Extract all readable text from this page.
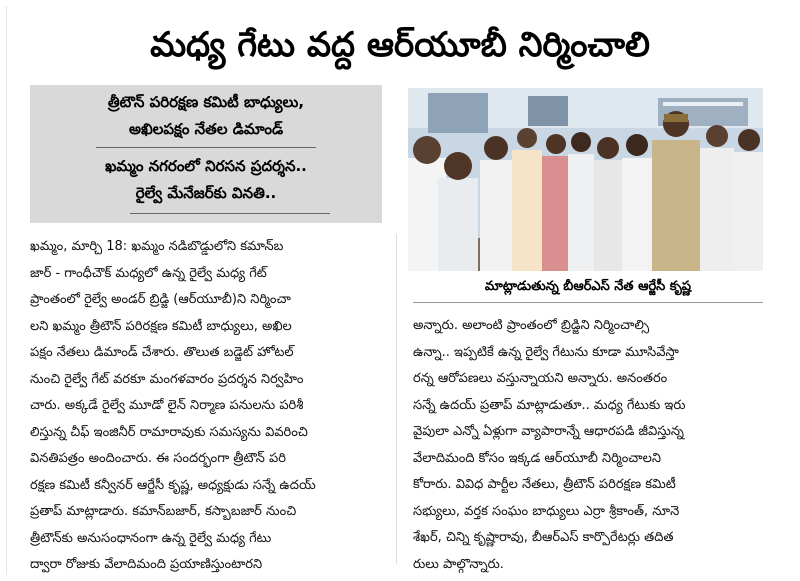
మధ్య గేటు వద్ద ఆర్‌యూబీ నిర్మించాలి
త్రీటౌన్ పరిరక్షణ కమిటీ బాధ్యులు,
అఖిలపక్షం నేతల డిమాండ్
ఖమ్మం నగరంలో నిరసన ప్రదర్శన..
రైల్వే మేనేజర్‌కు వినతి..
ఖమ్మం, మార్చి 18: ఖమ్మం నడిబొడ్డులోని కమాన్‌బ
జార్ - గాంధీచౌక్ మధ్యలో ఉన్న రైల్వే మధ్య గేట్
ప్రాంతంలో రైల్వే అండర్ బ్రిడ్జి (ఆర్‌యూబీ)ని నిర్మించా
లని ఖమ్మం త్రీటౌన్ పరిరక్షణ కమిటీ బాధ్యులు, అఖిల
పక్షం నేతలు డిమాండ్ చేశారు. తొలుత బడ్జెట్ హోటల్
నుంచి రైల్వే గేట్ వరకూ మంగళవారం ప్రదర్శన నిర్వహిం
చారు. అక్కడే రైల్వే మూడో లైన్ నిర్మాణ పనులను పరిశీ
లిస్తున్న చీఫ్ ఇంజినీర్ రామారావుకు సమస్యను వివరించి
వినతిపత్రం అందించారు. ఈ సందర్భంగా త్రీటౌన్ పరి
రక్షణ కమిటీ కన్వీనర్ ఆర్జేసీ కృష్ణ, అధ్యక్షుడు సన్నే ఉదయ్
ప్రతాప్ మాట్లాడారు. కమాన్‌బజార్, కస్బాబజార్ నుంచి
త్రీటౌన్‌కు అనుసంధానంగా ఉన్న రైల్వే మధ్య గేటు
ద్వారా రోజుకు వేలాదిమంది ప్రయాణిస్తుంటారని
మాట్లాడుతున్న బీఆర్ఎస్ నేత ఆర్జేసీ కృష్ణ
అన్నారు. అలాంటి ప్రాంతంలో బ్రిడ్జిని నిర్మించాల్సి
ఉన్నా.. ఇప్పటికే ఉన్న రైల్వే గేటును కూడా మూసివేస్తా
రన్న ఆరోపణలు వస్తున్నాయని అన్నారు. అనంతరం
సన్నే ఉదయ్ ప్రతాప్ మాట్లాడుతూ.. మధ్య గేటుకు ఇరు
వైపులా ఎన్నో ఏళ్లుగా వ్యాపారాన్నే ఆధారపడి జీవిస్తున్న
వేలాదిమంది కోసం ఇక్కడ ఆర్‌యూబీ నిర్మించాలని
కోరారు. వివిధ పార్టీల నేతలు, త్రీటౌన్ పరిరక్షణ కమిటీ
సభ్యులు, వర్తక సంఘం బాధ్యులు ఎర్రా శ్రీకాంత్, నూనె
శేఖర్, చిన్ని కృష్ణారావు, బీఆర్ఎస్ కార్పొరేటర్లు తదిత
రులు పాల్గొన్నారు.
